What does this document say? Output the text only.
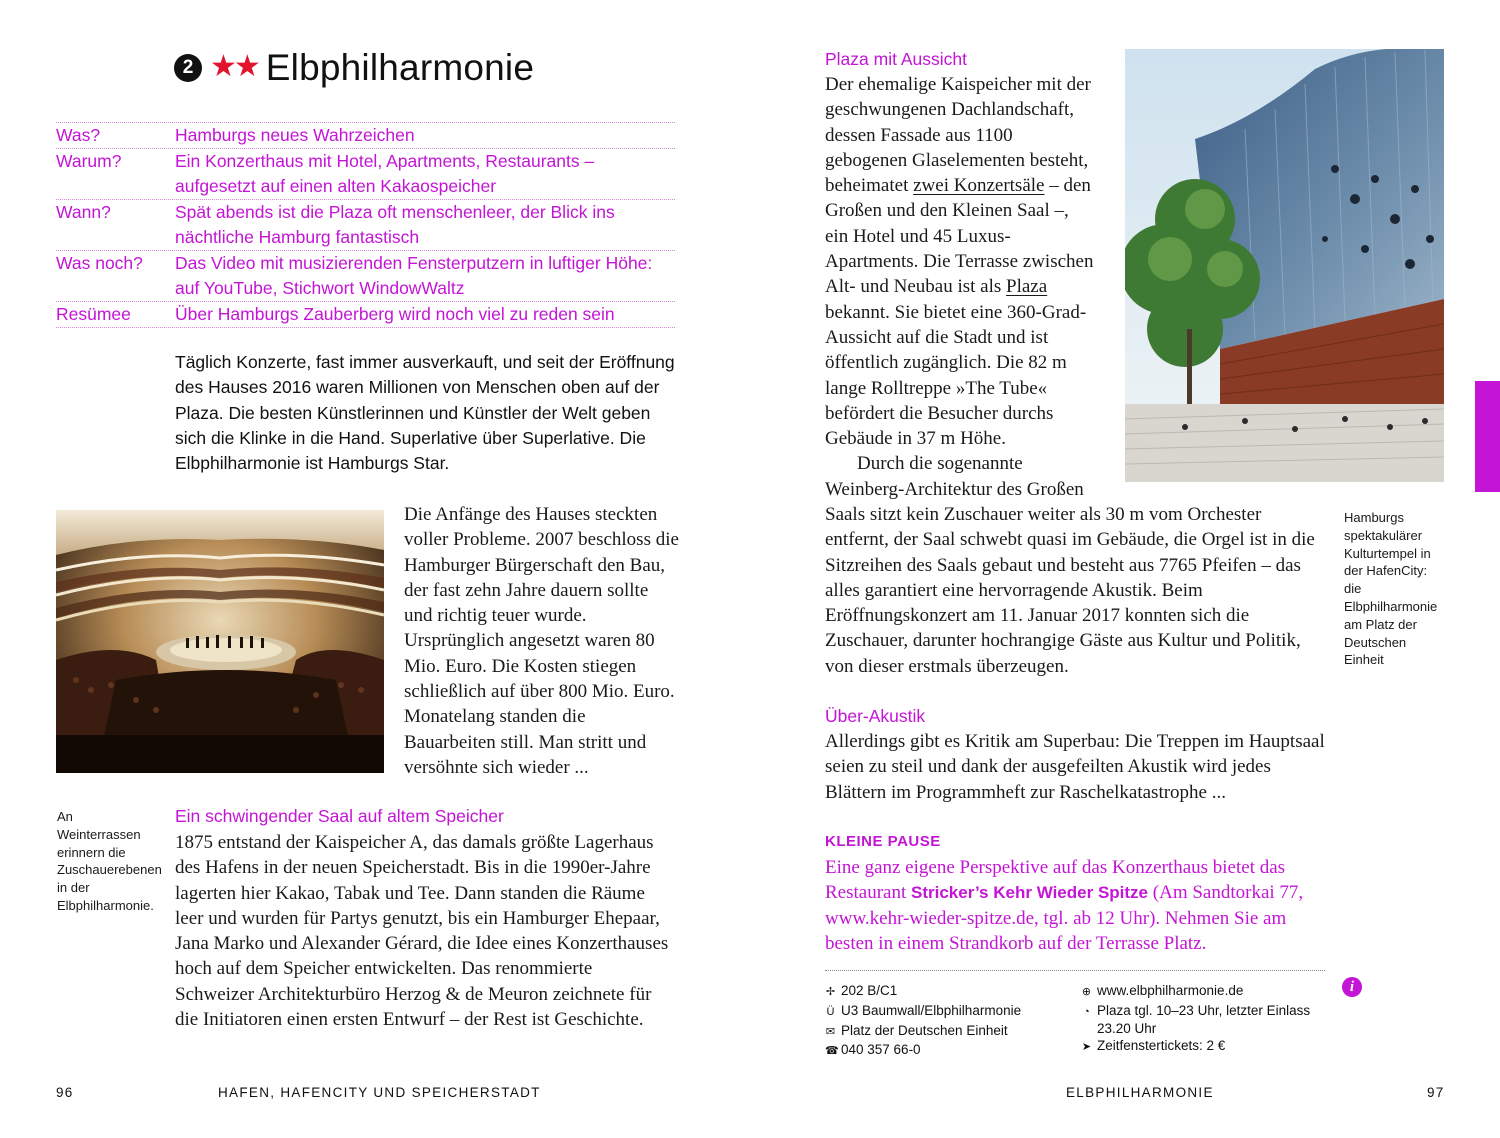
2 ★★ Elbphilharmonie
Was?	Hamburgs neues Wahrzeichen
Warum?	Ein Konzerthaus mit Hotel, Apartments, Restaurants – aufgesetzt auf einen alten Kakaospeicher
Wann?	Spät abends ist die Plaza oft menschenleer, der Blick ins nächtliche Hamburg fantastisch
Was noch?	Das Video mit musizierenden Fensterputzern in luftiger Höhe: auf YouTube, Stichwort WindowWaltz
Resümee	Über Hamburgs Zauberberg wird noch viel zu reden sein
Täglich Konzerte, fast immer ausverkauft, und seit der Eröffnung des Hauses 2016 waren Millionen von Menschen oben auf der Plaza. Die besten Künstlerinnen und Künstler der Welt geben sich die Klinke in die Hand. Superlative über Superlative. Die Elbphilharmonie ist Hamburgs Star.
Die Anfänge des Hauses steckten voller Probleme. 2007 beschloss die Hamburger Bürgerschaft den Bau, der fast zehn Jahre dauern sollte und richtig teuer wurde. Ursprünglich angesetzt waren 80 Mio. Euro. Die Kosten stiegen schließlich auf über 800 Mio. Euro. Monatelang standen die Bauarbeiten still. Man stritt und versöhnte sich wieder ...
An Weinterrassen erinnern die Zuschauerebenen in der Elbphilharmonie.
Ein schwingender Saal auf altem Speicher
1875 entstand der Kaispeicher A, das damals größte Lagerhaus des Hafens in der neuen Speicherstadt. Bis in die 1990er-Jahre lagerten hier Kakao, Tabak und Tee. Dann standen die Räume leer und wurden für Partys genutzt, bis ein Hamburger Ehepaar, Jana Marko und Alexander Gérard, die Idee eines Konzerthauses hoch auf dem Speicher entwickelten. Das renommierte Schweizer Architekturbüro Herzog & de Meuron zeichnete für die Initiatoren einen ersten Entwurf – der Rest ist Geschichte.
Plaza mit Aussicht
Der ehemalige Kaispeicher mit der geschwungenen Dachlandschaft, dessen Fassade aus 1100 gebogenen Glaselementen besteht, beheimatet zwei Konzertsäle – den Großen und den Kleinen Saal –, ein Hotel und 45 Luxus-Apartments. Die Terrasse zwischen Alt- und Neubau ist als Plaza bekannt. Sie bietet eine 360-Grad-Aussicht auf die Stadt und ist öffentlich zugänglich. Die 82 m lange Rolltreppe »The Tube« befördert die Besucher durchs Gebäude in 37 m Höhe.
Durch die sogenannte Weinberg-Architektur des Großen
Saals sitzt kein Zuschauer weiter als 30 m vom Orchester entfernt, der Saal schwebt quasi im Gebäude, die Orgel ist in die Sitzreihen des Saals gebaut und besteht aus 7765 Pfeifen – das alles garantiert eine hervorragende Akustik. Beim Eröffnungskonzert am 11. Januar 2017 konnten sich die Zuschauer, darunter hochrangige Gäste aus Kultur und Politik, von dieser erstmals überzeugen.
Hamburgs spektakulärer Kulturtempel in der HafenCity: die Elbphilharmonie am Platz der Deutschen Einheit
Über-Akustik
Allerdings gibt es Kritik am Superbau: Die Treppen im Hauptsaal seien zu steil und dank der ausgefeilten Akustik wird jedes Blättern im Programmheft zur Raschelkatastrophe ...
KLEINE PAUSE
Eine ganz eigene Perspektive auf das Konzerthaus bietet das Restaurant Stricker’s Kehr Wieder Spitze (Am Sandtorkai 77, www.kehr-wieder-spitze.de, tgl. ab 12 Uhr). Nehmen Sie am besten in einem Strandkorb auf der Terrasse Platz.
✢ 202 B/C1
Ü U3 Baumwall/Elbphilharmonie
✉ Platz der Deutschen Einheit
☎ 040 357 66-0
⊕ www.elbphilharmonie.de
◔ Plaza tgl. 10–23 Uhr, letzter Einlass 23.20 Uhr
➤ Zeitfenstertickets: 2 €
i
96	HAFEN, HAFENCITY UND SPEICHERSTADT	ELBPHILHARMONIE	97
